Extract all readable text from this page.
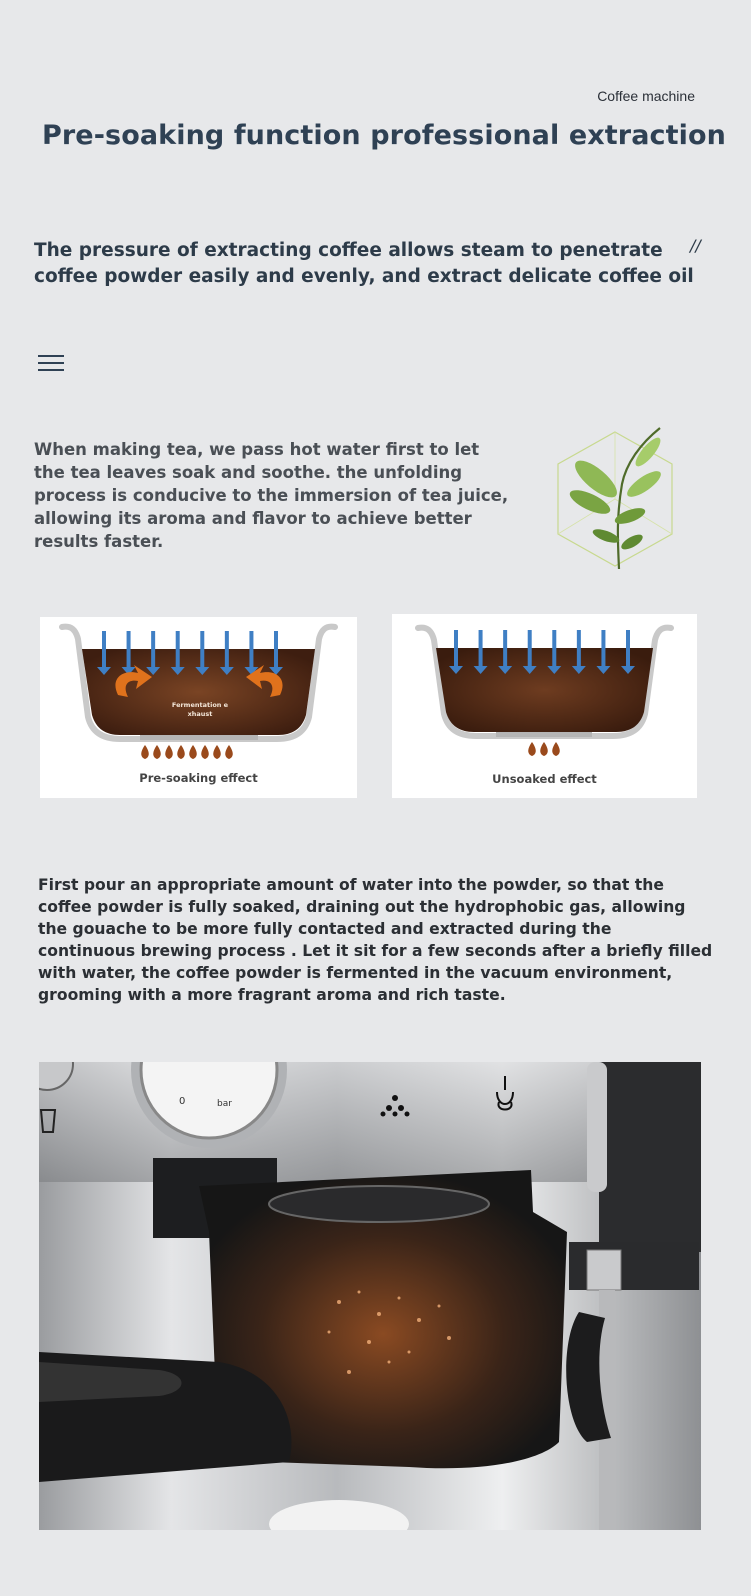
Coffee machine
Pre-soaking function professional extraction
The pressure of extracting coffee allows steam to penetrate coffee powder easily and evenly, and extract delicate coffee oil
//
When making tea, we pass hot water first to let the tea leaves soak and soothe. the unfolding process is conducive to the immersion of tea juice, allowing its aroma and flavor to achieve better results faster.
Fermentation e
xhaust
Pre-soaking effect	Unsoaked effect
First pour an appropriate amount of water into the powder, so that the coffee powder is fully soaked, draining out the hydrophobic gas, allowing the gouache to be more fully contacted and extracted during the continuous brewing process . Let it sit for a few seconds after a briefly filled with water, the coffee powder is fermented in the vacuum environment, grooming with a more fragrant aroma and rich taste.
0	bar
